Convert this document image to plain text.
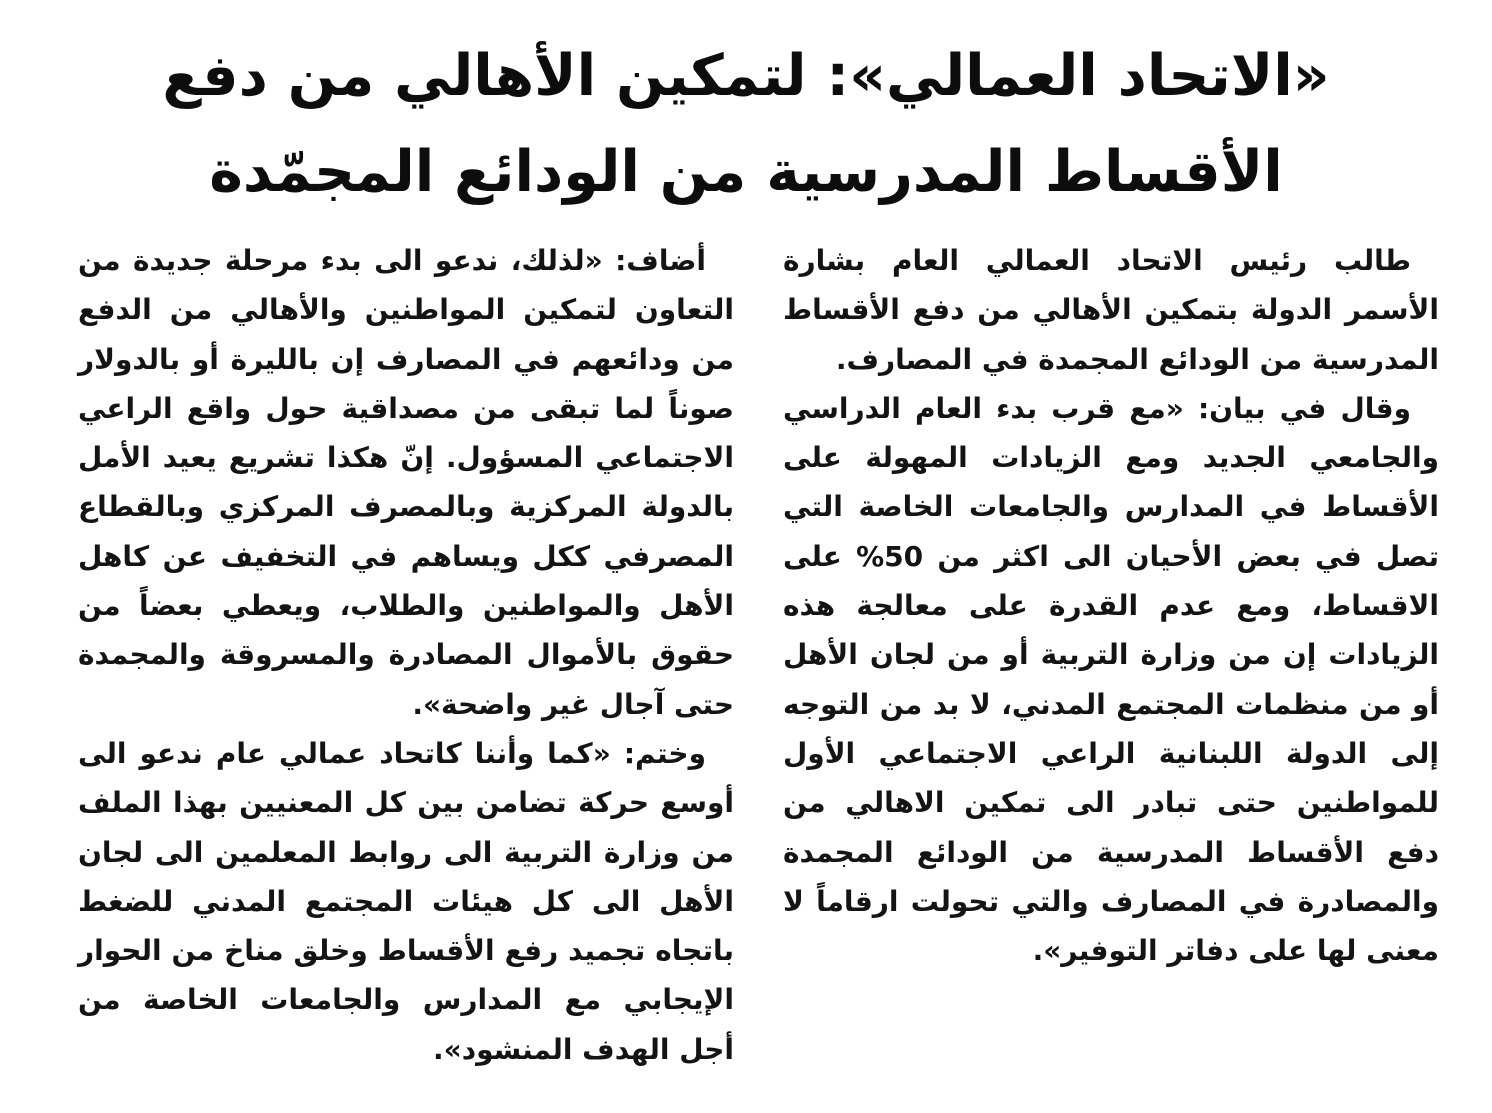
«الاتحاد العمالي»: لتمكين الأهالي من دفع
الأقساط المدرسية من الودائع المجمّدة

طالب رئيس الاتحاد العمالي العام بشارة الأسمر الدولة بتمكين الأهالي من دفع الأقساط المدرسية من الودائع المجمدة في المصارف.

وقال في بيان: «مع قرب بدء العام الدراسي والجامعي الجديد ومع الزيادات المهولة على الأقساط في المدارس والجامعات الخاصة التي تصل في بعض الأحيان الى اكثر من 50% على الاقساط، ومع عدم القدرة على معالجة هذه الزيادات إن من وزارة التربية أو من لجان الأهل أو من منظمات المجتمع المدني، لا بد من التوجه إلى الدولة اللبنانية الراعي الاجتماعي الأول للمواطنين حتى تبادر الى تمكين الاهالي من دفع الأقساط المدرسية من الودائع المجمدة والمصادرة في المصارف والتي تحولت ارقاماً لا معنى لها على دفاتر التوفير».

أضاف: «لذلك، ندعو الى بدء مرحلة جديدة من التعاون لتمكين المواطنين والأهالي من الدفع من ودائعهم في المصارف إن بالليرة أو بالدولار صوناً لما تبقى من مصداقية حول واقع الراعي الاجتماعي المسؤول. إنّ هكذا تشريع يعيد الأمل بالدولة المركزية وبالمصرف المركزي وبالقطاع المصرفي ككل ويساهم في التخفيف عن كاهل الأهل والمواطنين والطلاب، ويعطي بعضاً من حقوق بالأموال المصادرة والمسروقة والمجمدة حتى آجال غير واضحة».

وختم: «كما وأننا كاتحاد عمالي عام ندعو الى أوسع حركة تضامن بين كل المعنيين بهذا الملف من وزارة التربية الى روابط المعلمين الى لجان الأهل الى كل هيئات المجتمع المدني للضغط باتجاه تجميد رفع الأقساط وخلق مناخ من الحوار الإيجابي مع المدارس والجامعات الخاصة من أجل الهدف المنشود».
